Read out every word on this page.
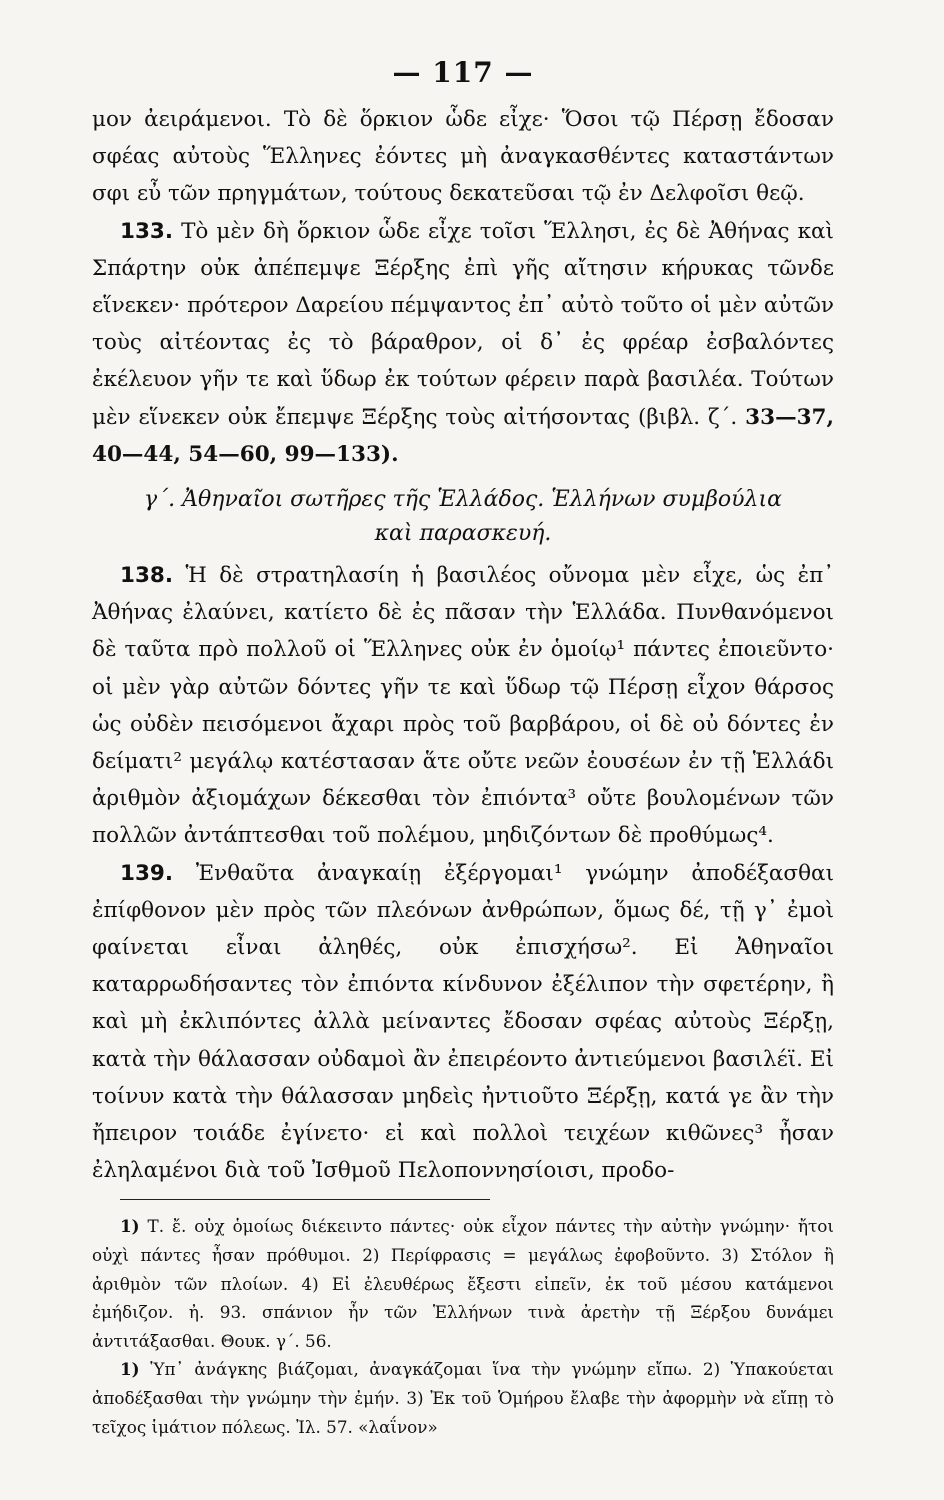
— 117 —

μον ἀειράμενοι. Τὸ δὲ ὅρκιον ὧδε εἶχε· Ὅσοι τῷ Πέρσῃ ἔδοσαν σφέας αὐτοὺς Ἕλληνες ἐόντες μὴ ἀναγκασθέντες καταστάντων σφι εὖ τῶν πρηγμάτων, τούτους δεκατεῦσαι τῷ ἐν Δελφοῖσι θεῷ.

133. Τὸ μὲν δὴ ὅρκιον ὧδε εἶχε τοῖσι Ἕλλησι, ἐς δὲ Ἀθήνας καὶ Σπάρτην οὐκ ἀπέπεμψε Ξέρξης ἐπὶ γῆς αἴτησιν κήρυκας τῶνδε εἵνεκεν· πρότερον Δαρείου πέμψαντος ἐπ᾽ αὐτὸ τοῦτο οἱ μὲν αὐτῶν τοὺς αἰτέοντας ἐς τὸ βάραθρον, οἱ δ᾽ ἐς φρέαρ ἐσβαλόντες ἐκέλευον γῆν τε καὶ ὕδωρ ἐκ τούτων φέρειν παρὰ βασιλέα. Τούτων μὲν εἵνεκεν οὐκ ἔπεμψε Ξέρξης τοὺς αἰτήσοντας (βιβλ. ζ΄. 33—37, 40—44, 54—60, 99—133).

γ΄. Ἀθηναῖοι σωτῆρες τῆς Ἑλλάδος. Ἑλλήνων συμβούλια
καὶ παρασκευή.

138. Ἡ δὲ στρατηλασίη ἡ βασιλέος οὔνομα μὲν εἶχε, ὡς ἐπ᾽ Ἀθήνας ἐλαύνει, κατίετο δὲ ἐς πᾶσαν τὴν Ἑλλάδα. Πυνθανόμενοι δὲ ταῦτα πρὸ πολλοῦ οἱ Ἕλληνες οὐκ ἐν ὁμοίῳ¹ πάντες ἐποιεῦντο· οἱ μὲν γὰρ αὐτῶν δόντες γῆν τε καὶ ὕδωρ τῷ Πέρσῃ εἶχον θάρσος ὡς οὐδὲν πεισόμενοι ἄχαρι πρὸς τοῦ βαρβάρου, οἱ δὲ οὐ δόντες ἐν δείματι² μεγάλῳ κατέστασαν ἅτε οὔτε νεῶν ἐουσέων ἐν τῇ Ἑλλάδι ἀριθμὸν ἀξιομάχων δέκεσθαι τὸν ἐπιόντα³ οὔτε βουλομένων τῶν πολλῶν ἀντάπτεσθαι τοῦ πολέμου, μηδιζόντων δὲ προθύμως⁴.

139. Ἐνθαῦτα ἀναγκαίῃ ἐξέργομαι¹ γνώμην ἀποδέξασθαι ἐπίφθονον μὲν πρὸς τῶν πλεόνων ἀνθρώπων, ὅμως δέ, τῇ γ᾽ ἐμοὶ φαίνεται εἶναι ἀληθές, οὐκ ἐπισχήσω². Εἰ Ἀθηναῖοι καταρρωδήσαντες τὸν ἐπιόντα κίνδυνον ἐξέλιπον τὴν σφετέρην, ἢ καὶ μὴ ἐκλιπόντες ἀλλὰ μείναντες ἔδοσαν σφέας αὐτοὺς Ξέρξῃ, κατὰ τὴν θάλασσαν οὐδαμοὶ ἂν ἐπειρέοντο ἀντιεύμενοι βασιλέϊ. Εἰ τοίνυν κατὰ τὴν θάλασσαν μηδεὶς ἠντιοῦτο Ξέρξῃ, κατά γε ἂν τὴν ἤπειρον τοιάδε ἐγίνετο· εἰ καὶ πολλοὶ τειχέων κιθῶνες³ ἦσαν ἐληλαμένοι διὰ τοῦ Ἰσθμοῦ Πελοποννησίοισι, προδο-

1) Τ. ἔ. οὐχ ὁμοίως διέκειντο πάντες· οὐκ εἶχον πάντες τὴν αὐτὴν γνώμην· ἤτοι οὐχὶ πάντες ἦσαν πρόθυμοι. 2) Περίφρασις = μεγάλως ἐφοβοῦντο. 3) Στόλον ἢ ἀριθμὸν τῶν πλοίων. 4) Εἰ ἐλευθέρως ἔξεστι εἰπεῖν, ἐκ τοῦ μέσου κατάμενοι ἐμήδιζον. ἠ. 93. σπάνιον ἦν τῶν Ἑλλήνων τινὰ ἀρετὴν τῇ Ξέρξου δυνάμει ἀντιτάξασθαι. Θουκ. γ΄. 56.

1) Ὑπ᾽ ἀνάγκης βιάζομαι, ἀναγκάζομαι ἵνα τὴν γνώμην εἴπω. 2) Ὑπακούεται ἀποδέξασθαι τὴν γνώμην τὴν ἐμήν. 3) Ἐκ τοῦ Ὁμήρου ἔλαβε τὴν ἀφορμὴν νὰ εἴπῃ τὸ τεῖχος ἱμάτιον πόλεως. Ἰλ. 57. «λαΐνον»
